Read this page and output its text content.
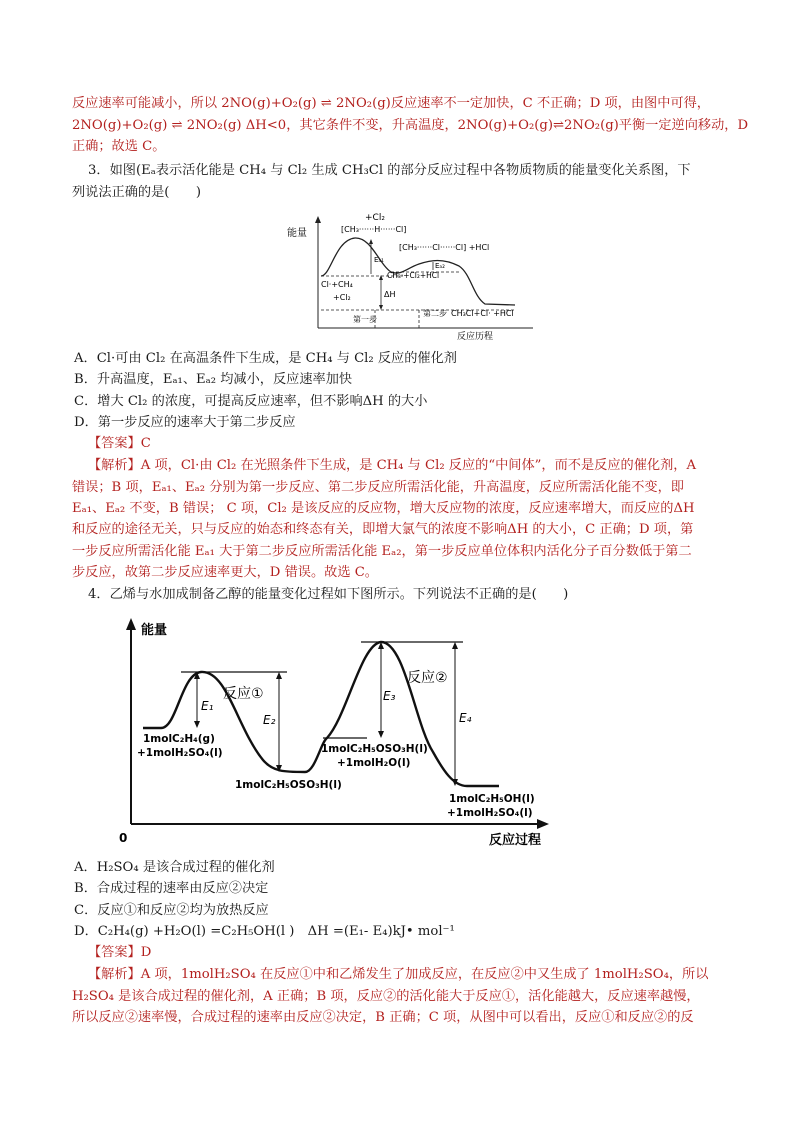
反应速率可能减小，所以 2NO(g)+O₂(g) ⇌ 2NO₂(g)反应速率不一定加快，C 不正确；D 项，由图中可得，
2NO(g)+O₂(g) ⇌ 2NO₂(g) ΔH<0，其它条件不变，升高温度，2NO(g)+O₂(g)⇌2NO₂(g)平衡一定逆向移动，D
正确；故选 C。
3．如图(Eₐ表示活化能是 CH₄ 与 Cl₂ 生成 CH₃Cl 的部分反应过程中各物质物质的能量变化关系图，下
列说法正确的是(　　)
能量
反应历程
+Cl₂
[CH₃······H······Cl]
[CH₃······Cl······Cl] +HCl
Eₐ₁
Eₐ₂
CH₃·+Cl₂+HCl
Cl·+CH₄
+Cl₂	ΔH
第一步
第二步 CH₃Cl+Cl· +HCl
A．Cl·可由 Cl₂ 在高温条件下生成，是 CH₄ 与 Cl₂ 反应的催化剂
B．升高温度，Eₐ₁、Eₐ₂ 均减小，反应速率加快
C．增大 Cl₂ 的浓度，可提高反应速率，但不影响ΔH 的大小
D．第一步反应的速率大于第二步反应
【答案】C
【解析】A 项，Cl·由 Cl₂ 在光照条件下生成，是 CH₄ 与 Cl₂ 反应的“中间体”，而不是反应的催化剂，A
错误；B 项，Eₐ₁、Eₐ₂ 分别为第一步反应、第二步反应所需活化能，升高温度，反应所需活化能不变，即
Eₐ₁、Eₐ₂ 不变，B 错误； C 项，Cl₂ 是该反应的反应物，增大反应物的浓度，反应速率增大，而反应的ΔH
和反应的途径无关，只与反应的始态和终态有关，即增大氯气的浓度不影响ΔH 的大小，C 正确；D 项，第
一步反应所需活化能 Eₐ₁ 大于第二步反应所需活化能 Eₐ₂，第一步反应单位体积内活化分子百分数低于第二
步反应，故第二步反应速率更大，D 错误。故选 C。
4．乙烯与水加成制备乙醇的能量变化过程如下图所示。下列说法不正确的是(　　)
能量
反应过程
0
反应①
反应②
E₁
E₂
E₃
E₄
1molC₂H₄(g)
+1molH₂SO₄(l)
1molC₂H₅OSO₃H(l)
1molC₂H₅OSO₃H(l)
+1molH₂O(l)
1molC₂H₅OH(l)
+1molH₂SO₄(l)
A．H₂SO₄ 是该合成过程的催化剂
B．合成过程的速率由反应②决定
C．反应①和反应②均为放热反应
D．C₂H₄(g) +H₂O(l) =C₂H₅OH(l )　ΔH =(E₁- E₄)kJ• mol⁻¹
【答案】D
【解析】A 项，1molH₂SO₄ 在反应①中和乙烯发生了加成反应，在反应②中又生成了 1molH₂SO₄，所以
H₂SO₄ 是该合成过程的催化剂，A 正确；B 项，反应②的活化能大于反应①，活化能越大，反应速率越慢，
所以反应②速率慢，合成过程的速率由反应②决定，B 正确；C 项，从图中可以看出，反应①和反应②的反
